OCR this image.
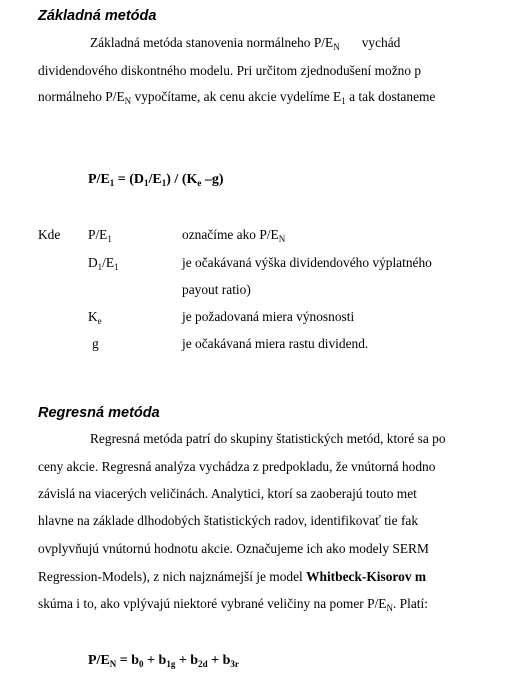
Základná metóda
Základná metóda stanovenia normálneho $P/E_N$ vychád
dividendového diskontného modelu. Pri určitom zjednodušení možno p
normálneho $P/E_N$ vypočítame, ak cenu akcie vydelíme $E_1$ a tak dostaneme
$P/E_1 = (D_1/E_1) / (K_e$ –g)
Kde $P/E_1$	označíme ako $P/E_N$
$D_1/E_1$	je očakávaná výška dividendového výplatného
payout ratio)
$K_e$	je požadovaná miera výnosnosti
g	je očakávaná miera rastu dividend.
Regresná metóda
Regresná metóda patrí do skupiny štatistických metód, ktoré sa po
ceny akcie. Regresná analýza vychádza z predpokladu, že vnútorná hodno
závislá na viacerých veličinách. Analytici, ktorí sa zaoberajú touto met
hlavne na základe dlhodobých štatistických radov, identifikovať tie fak
ovplyvňujú vnútornú hodnotu akcie. Označujeme ich ako modely SERM
Regression-Models), z nich najznámejší je model Whitbeck-Kisorov m
skúma i to, ako vplývajú niektoré vybrané veličiny na pomer $P/E_N$. Platí:
$P/E_N = b_0 + b_{1g} + b_{2d} + b_{3r}$
